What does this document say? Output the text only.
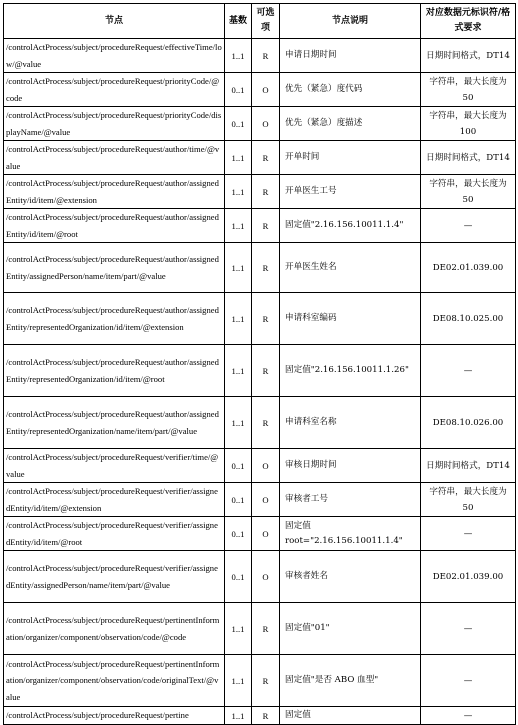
节点	基数	可选项	节点说明	对应数据元标识符/格式要求
/controlActProcess/subject/procedureRequest/effectiveTime/low/@value	1..1	R	申请日期时间	日期时间格式，DT14
/controlActProcess/subject/procedureRequest/priorityCode/@code	0..1	O	优先（紧急）度代码	字符串，最大长度为 50
/controlActProcess/subject/procedureRequest/priorityCode/displayName/@value	0..1	O	优先（紧急）度描述	字符串，最大长度为 100
/controlActProcess/subject/procedureRequest/author/time/@value	1..1	R	开单时间	日期时间格式，DT14
/controlActProcess/subject/procedureRequest/author/assignedEntity/id/item/@extension	1..1	R	开单医生工号	字符串，最大长度为 50
/controlActProcess/subject/procedureRequest/author/assignedEntity/id/item/@root	1..1	R	固定值"2.16.156.10011.1.4"	—
/controlActProcess/subject/procedureRequest/author/assignedEntity/assignedPerson/name/item/part/@value	1..1	R	开单医生姓名	DE02.01.039.00
/controlActProcess/subject/procedureRequest/author/assignedEntity/representedOrganization/id/item/@extension	1..1	R	申请科室编码	DE08.10.025.00
/controlActProcess/subject/procedureRequest/author/assignedEntity/representedOrganization/id/item/@root	1..1	R	固定值"2.16.156.10011.1.26"	—
/controlActProcess/subject/procedureRequest/author/assignedEntity/representedOrganization/name/item/part/@value	1..1	R	申请科室名称	DE08.10.026.00
/controlActProcess/subject/procedureRequest/verifier/time/@value	0..1	O	审核日期时间	日期时间格式，DT14
/controlActProcess/subject/procedureRequest/verifier/assignedEntity/id/item/@extension	0..1	O	审核者工号	字符串，最大长度为 50
/controlActProcess/subject/procedureRequest/verifier/assignedEntity/id/item/@root	0..1	O	固定值 root="2.16.156.10011.1.4"	—
/controlActProcess/subject/procedureRequest/verifier/assignedEntity/assignedPerson/name/item/part/@value	0..1	O	审核者姓名	DE02.01.039.00
/controlActProcess/subject/procedureRequest/pertinentInformation/organizer/component/observation/code/@code	1..1	R	固定值"01"	—
/controlActProcess/subject/procedureRequest/pertinentInformation/organizer/component/observation/code/originalText/@value	1..1	R	固定值"是否 ABO 血型"	—
/controlActProcess/subject/procedureRequest/pertine	1..1	R	固定值	—
